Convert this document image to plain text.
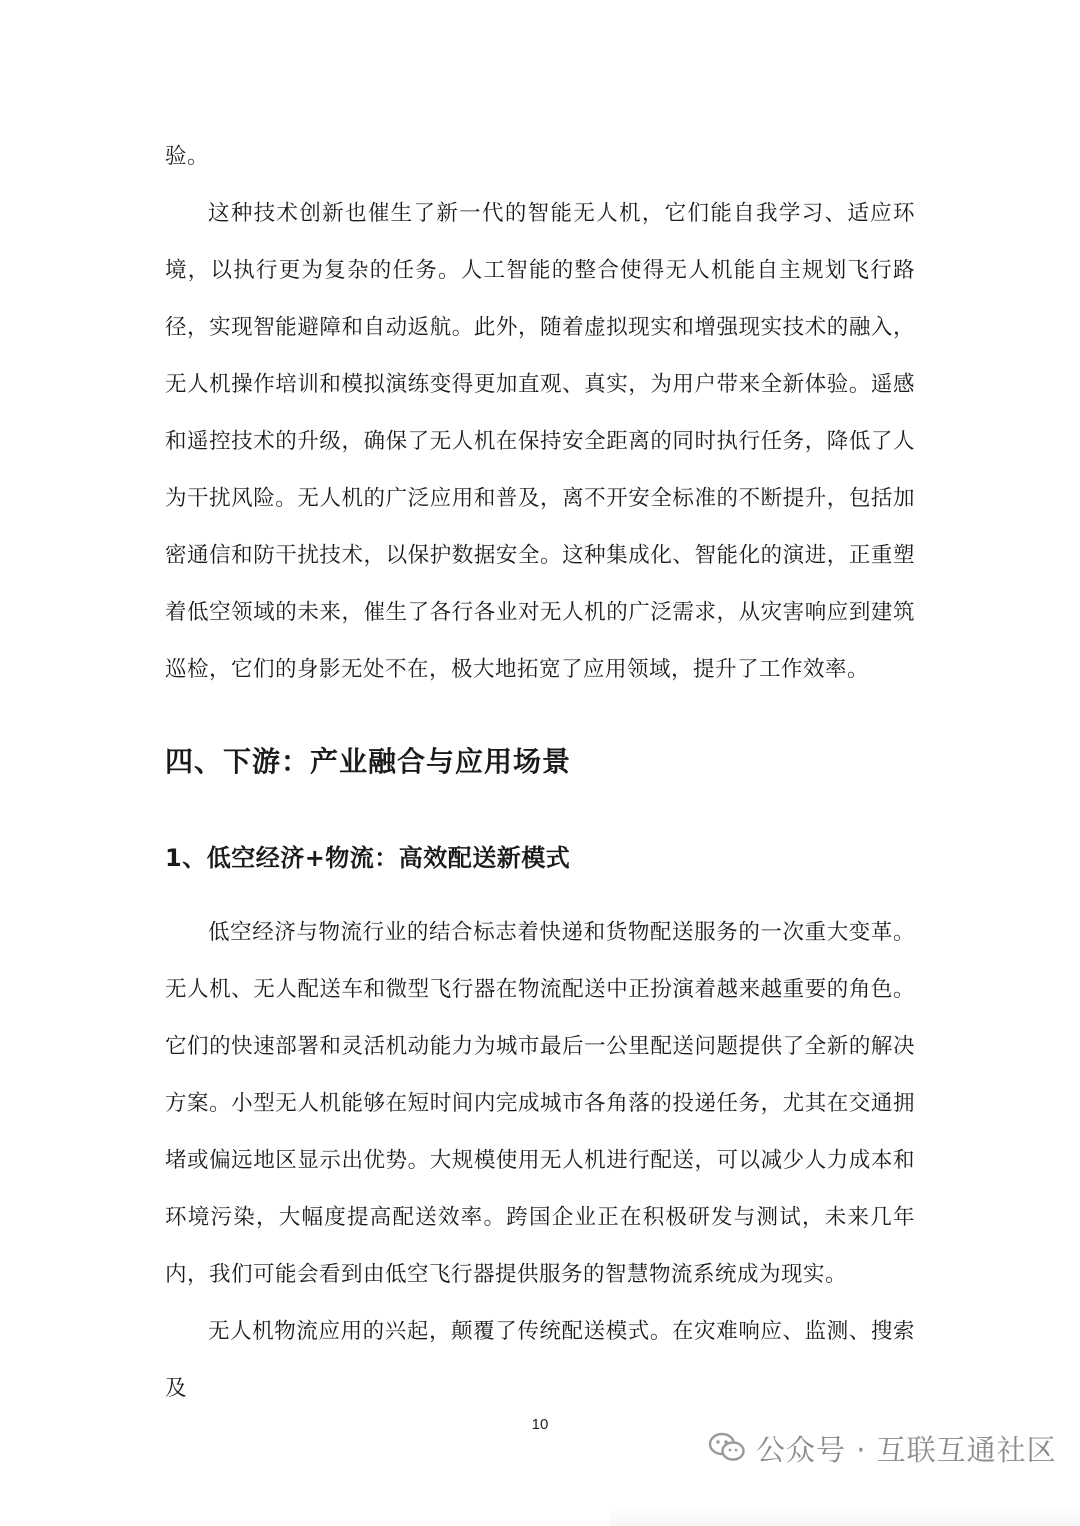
验。

这种技术创新也催生了新一代的智能无人机，它们能自我学习、适应环境，以执行更为复杂的任务。人工智能的整合使得无人机能自主规划飞行路径，实现智能避障和自动返航。此外，随着虚拟现实和增强现实技术的融入，无人机操作培训和模拟演练变得更加直观、真实，为用户带来全新体验。遥感和遥控技术的升级，确保了无人机在保持安全距离的同时执行任务，降低了人为干扰风险。无人机的广泛应用和普及，离不开安全标准的不断提升，包括加密通信和防干扰技术，以保护数据安全。这种集成化、智能化的演进，正重塑着低空领域的未来，催生了各行各业对无人机的广泛需求，从灾害响应到建筑巡检，它们的身影无处不在，极大地拓宽了应用领域，提升了工作效率。

四、下游：产业融合与应用场景
1、低空经济+物流：高效配送新模式

低空经济与物流行业的结合标志着快递和货物配送服务的一次重大变革。无人机、无人配送车和微型飞行器在物流配送中正扮演着越来越重要的角色。它们的快速部署和灵活机动能力为城市最后一公里配送问题提供了全新的解决方案。小型无人机能够在短时间内完成城市各角落的投递任务，尤其在交通拥堵或偏远地区显示出优势。大规模使用无人机进行配送，可以减少人力成本和环境污染，大幅度提高配送效率。跨国企业正在积极研发与测试，未来几年内，我们可能会看到由低空飞行器提供服务的智慧物流系统成为现实。

无人机物流应用的兴起，颠覆了传统配送模式。在灾难响应、监测、搜索及

10
公众号 · 互联互通社区
